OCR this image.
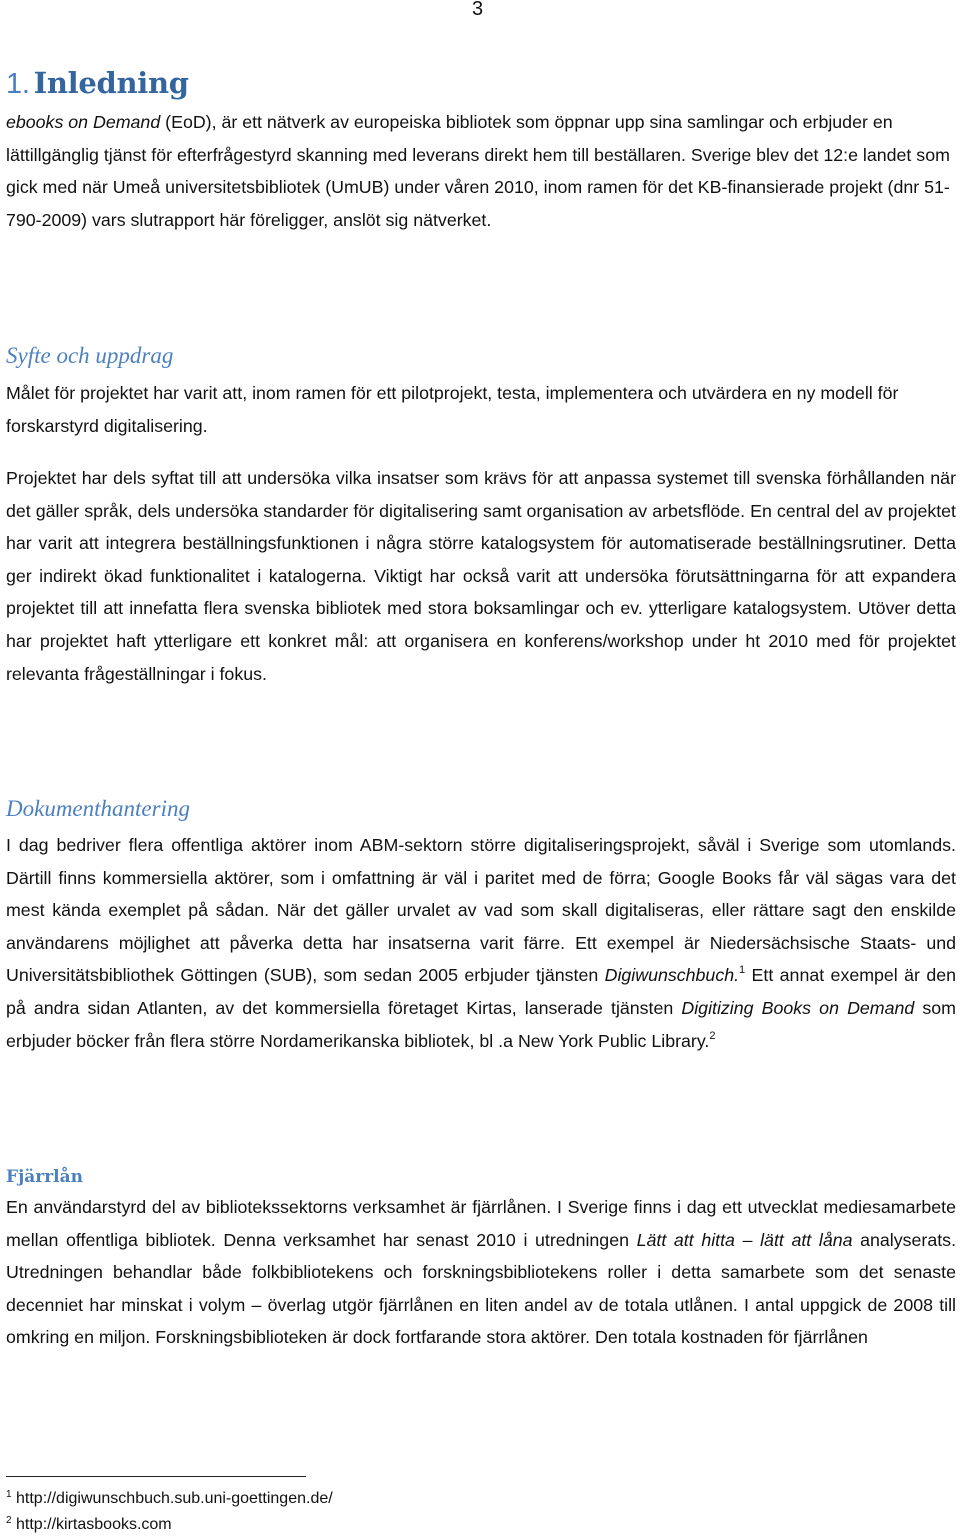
3
1. Inledning

ebooks on Demand (EoD), är ett nätverk av europeiska bibliotek som öppnar upp sina samlingar och erbjuder en lättillgänglig tjänst för efterfrågestyrd skanning med leverans direkt hem till beställaren. Sverige blev det 12:e landet som gick med när Umeå universitetsbibliotek (UmUB) under våren 2010, inom ramen för det KB-finansierade projekt (dnr 51-790-2009) vars slutrapport här föreligger, anslöt sig nätverket.

Syfte och uppdrag

Målet för projektet har varit att, inom ramen för ett pilotprojekt, testa, implementera och utvärdera en ny modell för forskarstyrd digitalisering.

Projektet har dels syftat till att undersöka vilka insatser som krävs för att anpassa systemet till svenska förhållanden när det gäller språk, dels undersöka standarder för digitalisering samt organisation av arbetsflöde. En central del av projektet har varit att integrera beställningsfunktionen i några större katalogsystem för automatiserade beställningsrutiner. Detta ger indirekt ökad funktionalitet i katalogerna. Viktigt har också varit att undersöka förutsättningarna för att expandera projektet till att innefatta flera svenska bibliotek med stora boksamlingar och ev. ytterligare katalogsystem. Utöver detta har projektet haft ytterligare ett konkret mål: att organisera en konferens/workshop under ht 2010 med för projektet relevanta frågeställningar i fokus.

Dokumenthantering

I dag bedriver flera offentliga aktörer inom ABM-sektorn större digitaliseringsprojekt, såväl i Sverige som utomlands. Därtill finns kommersiella aktörer, som i omfattning är väl i paritet med de förra; Google Books får väl sägas vara det mest kända exemplet på sådan. När det gäller urvalet av vad som skall digitaliseras, eller rättare sagt den enskilde användarens möjlighet att påverka detta har insatserna varit färre. Ett exempel är Niedersächsische Staats- und Universitätsbibliothek Göttingen (SUB), som sedan 2005 erbjuder tjänsten Digiwunschbuch.$^1$ Ett annat exempel är den på andra sidan Atlanten, av det kommersiella företaget Kirtas, lanserade tjänsten Digitizing Books on Demand som erbjuder böcker från flera större Nordamerikanska bibliotek, bl .a New York Public Library.$^2$

Fjärrlån

En användarstyrd del av bibliotekssektorns verksamhet är fjärrlånen. I Sverige finns i dag ett utvecklat mediesamarbete mellan offentliga bibliotek. Denna verksamhet har senast 2010 i utredningen Lätt att hitta – lätt att låna analyserats. Utredningen behandlar både folkbibliotekens och forskningsbibliotekens roller i detta samarbete som det senaste decenniet har minskat i volym – överlag utgör fjärrlånen en liten andel av de totala utlånen. I antal uppgick de 2008 till omkring en miljon. Forskningsbiblioteken är dock fortfarande stora aktörer. Den totala kostnaden för fjärrlånen

$^1$ http://digiwunschbuch.sub.uni-goettingen.de/
$^2$ http://kirtasbooks.com
